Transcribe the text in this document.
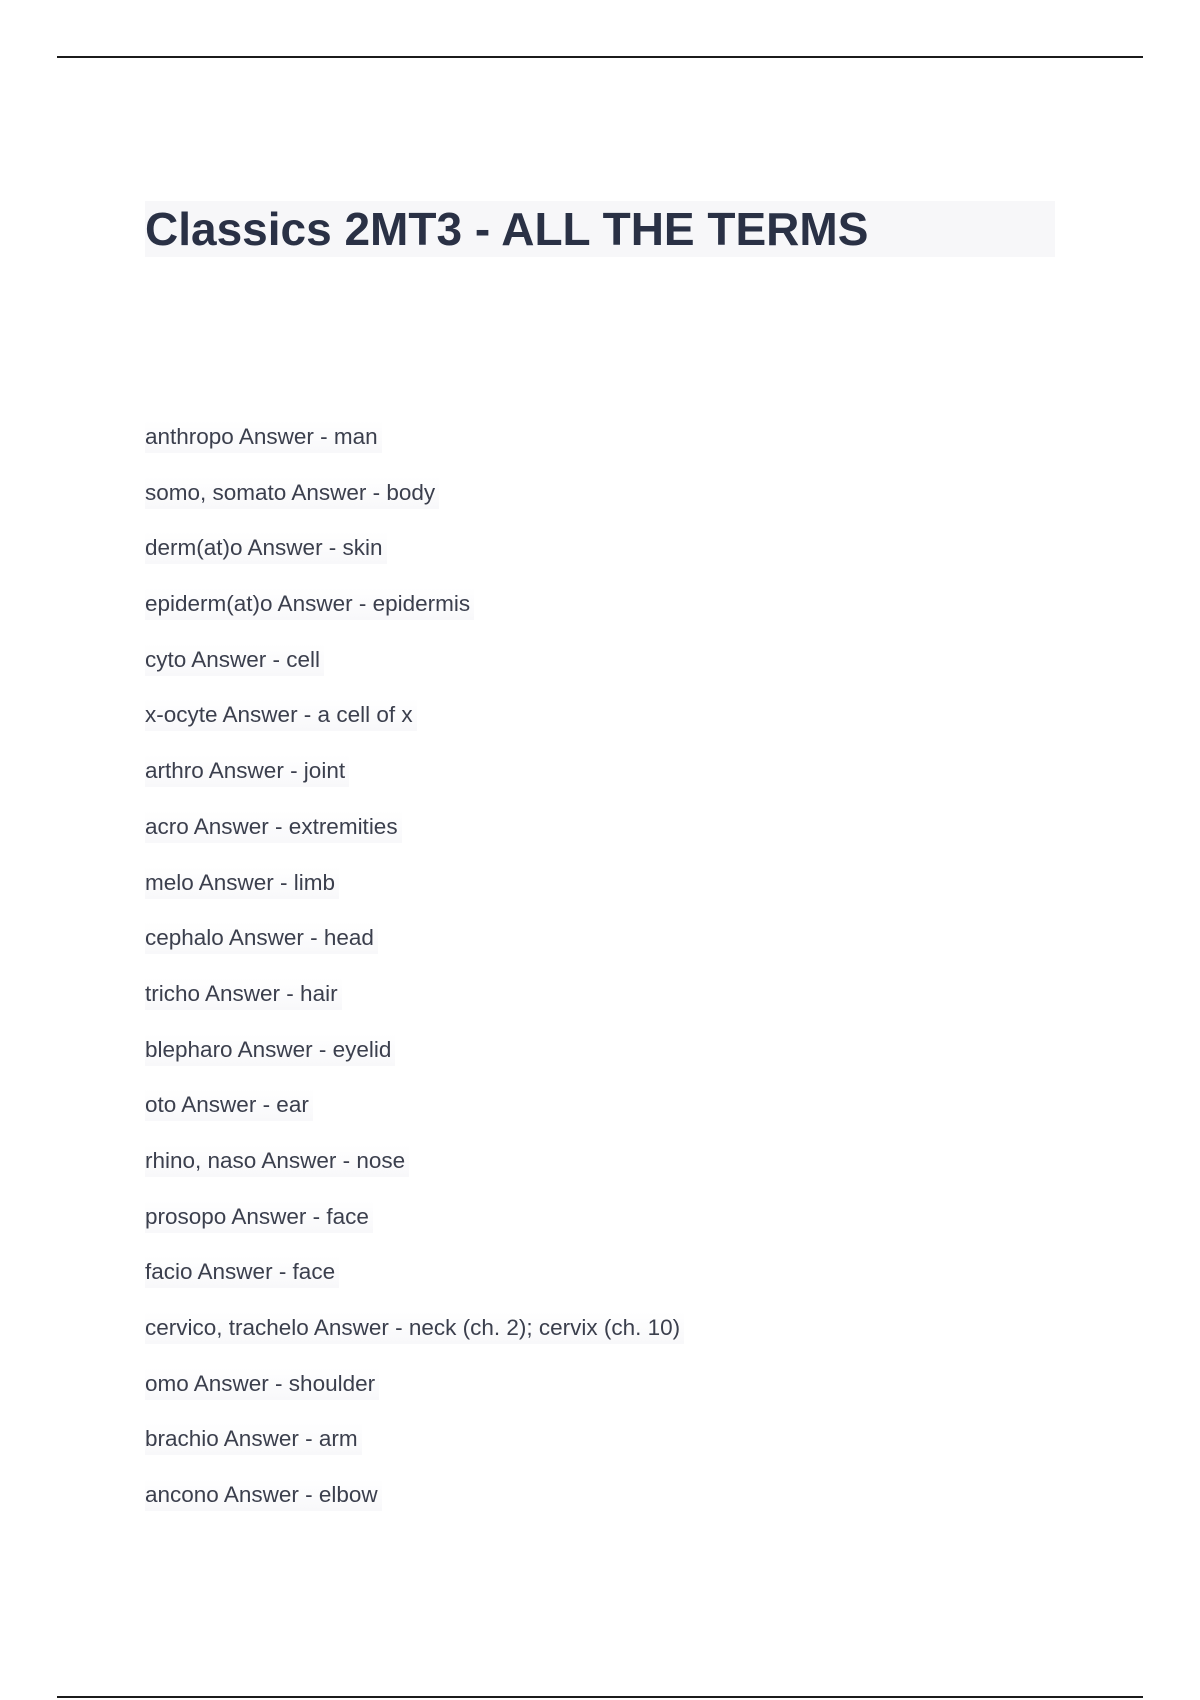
Classics 2MT3 - ALL THE TERMS
anthropo Answer - man
somo, somato Answer - body
derm(at)o Answer - skin
epiderm(at)o Answer - epidermis
cyto Answer - cell
x-ocyte Answer - a cell of x
arthro Answer - joint
acro Answer - extremities
melo Answer - limb
cephalo Answer - head
tricho Answer - hair
blepharo Answer - eyelid
oto Answer - ear
rhino, naso Answer - nose
prosopo Answer - face
facio Answer - face
cervico, trachelo Answer - neck (ch. 2); cervix (ch. 10)
omo Answer - shoulder
brachio Answer - arm
ancono Answer - elbow
